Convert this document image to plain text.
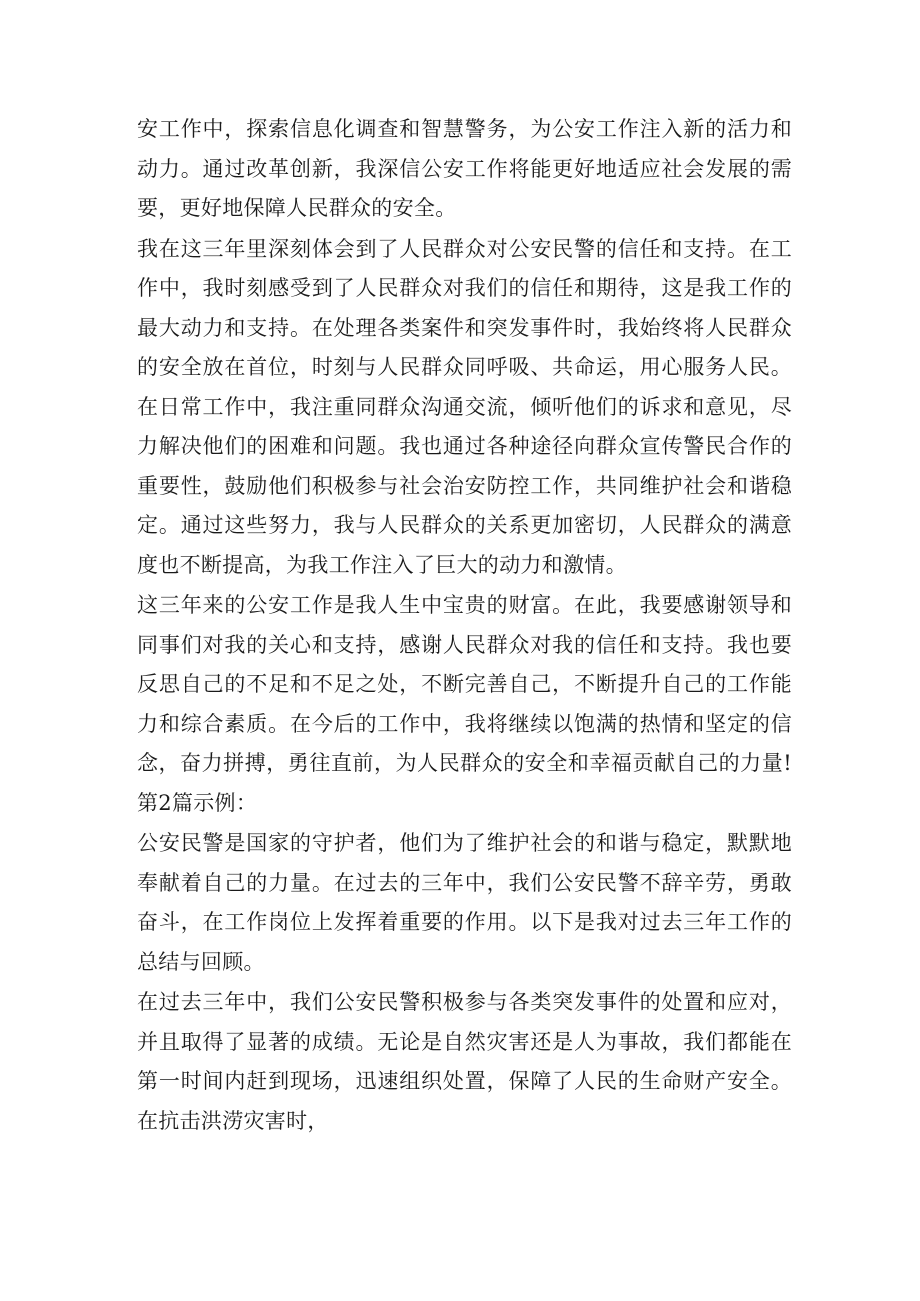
安工作中，探索信息化调查和智慧警务，为公安工作注入新的活力和动力。通过改革创新，我深信公安工作将能更好地适应社会发展的需要，更好地保障人民群众的安全。

我在这三年里深刻体会到了人民群众对公安民警的信任和支持。在工作中，我时刻感受到了人民群众对我们的信任和期待，这是我工作的最大动力和支持。在处理各类案件和突发事件时，我始终将人民群众的安全放在首位，时刻与人民群众同呼吸、共命运，用心服务人民。在日常工作中，我注重同群众沟通交流，倾听他们的诉求和意见，尽力解决他们的困难和问题。我也通过各种途径向群众宣传警民合作的重要性，鼓励他们积极参与社会治安防控工作，共同维护社会和谐稳定。通过这些努力，我与人民群众的关系更加密切，人民群众的满意度也不断提高，为我工作注入了巨大的动力和激情。

这三年来的公安工作是我人生中宝贵的财富。在此，我要感谢领导和同事们对我的关心和支持，感谢人民群众对我的信任和支持。我也要反思自己的不足和不足之处，不断完善自己，不断提升自己的工作能力和综合素质。在今后的工作中，我将继续以饱满的热情和坚定的信念，奋力拼搏，勇往直前，为人民群众的安全和幸福贡献自己的力量!第2篇示例：

公安民警是国家的守护者，他们为了维护社会的和谐与稳定，默默地奉献着自己的力量。在过去的三年中，我们公安民警不辞辛劳，勇敢奋斗，在工作岗位上发挥着重要的作用。以下是我对过去三年工作的总结与回顾。

在过去三年中，我们公安民警积极参与各类突发事件的处置和应对，并且取得了显著的成绩。无论是自然灾害还是人为事故，我们都能在第一时间内赶到现场，迅速组织处置，保障了人民的生命财产安全。在抗击洪涝灾害时，
